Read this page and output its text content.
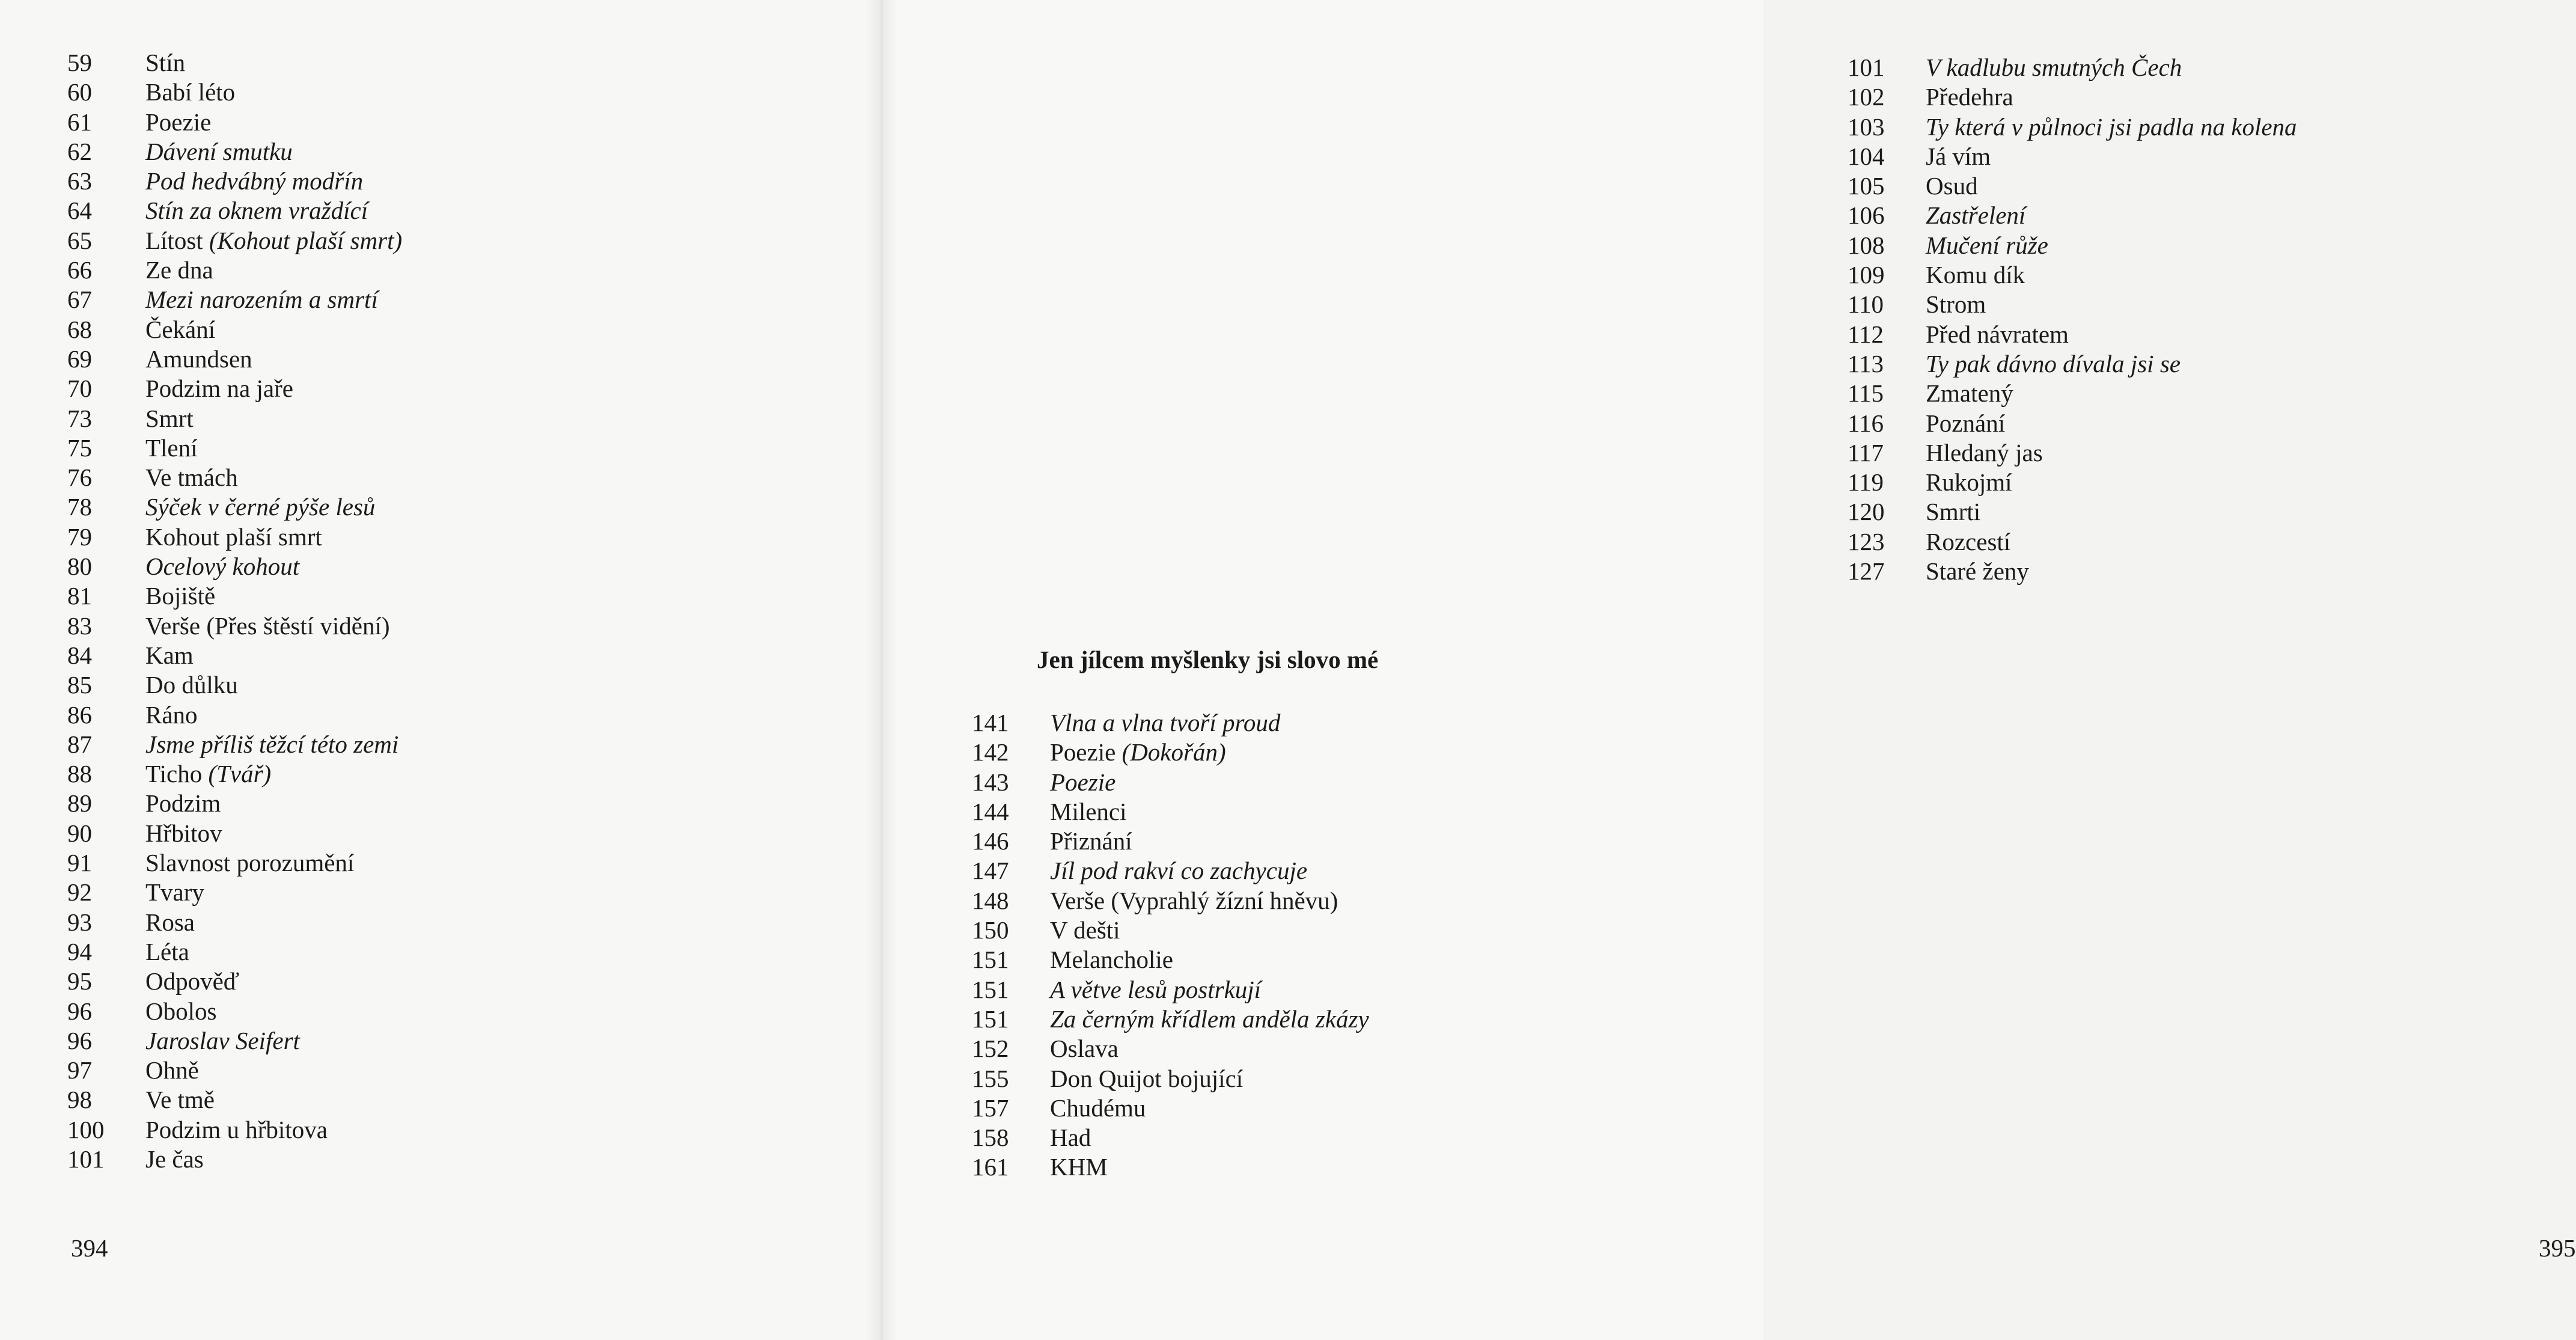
59 Stín
60 Babí léto
61 Poezie
62 Dávení smutku
63 Pod hedvábný modřín
64 Stín za oknem vraždící
65 Lítost (Kohout plaší smrt)
66 Ze dna
67 Mezi narozením a smrtí
68 Čekání
69 Amundsen
70 Podzim na jaře
73 Smrt
75 Tlení
76 Ve tmách
78 Sýček v černé pýše lesů
79 Kohout plaší smrt
80 Ocelový kohout
81 Bojiště
83 Verše (Přes štěstí vidění)
84 Kam
85 Do důlku
86 Ráno
87 Jsme příliš těžcí této zemi
88 Ticho (Tvář)
89 Podzim
90 Hřbitov
91 Slavnost porozumění
92 Tvary
93 Rosa
94 Léta
95 Odpověď
96 Obolos
96 Jaroslav Seifert
97 Ohně
98 Ve tmě
100 Podzim u hřbitova
101 Je čas

394

101 V kadlubu smutných Čech
102 Předehra
103 Ty která v půlnoci jsi padla na kolena
104 Já vím
105 Osud
106 Zastřelení
108 Mučení růže
109 Komu dík
110 Strom
112 Před návratem
113 Ty pak dávno dívala jsi se
115 Zmatený
116 Poznání
117 Hledaný jas
119 Rukojmí
120 Smrti
123 Rozcestí
127 Staré ženy

395

Jen jílcem myšlenky jsi slovo mé
141 Vlna a vlna tvoří proud
142 Poezie (Dokořán)
143 Poezie
144 Milenci
146 Přiznání
147 Jíl pod rakví co zachycuje
148 Verše (Vyprahlý žízní hněvu)
150 V dešti
151 Melancholie
151 A větve lesů postrkují
151 Za černým křídlem anděla zkázy
152 Oslava
155 Don Quijot bojující
157 Chudému
158 Had
161 KHM
